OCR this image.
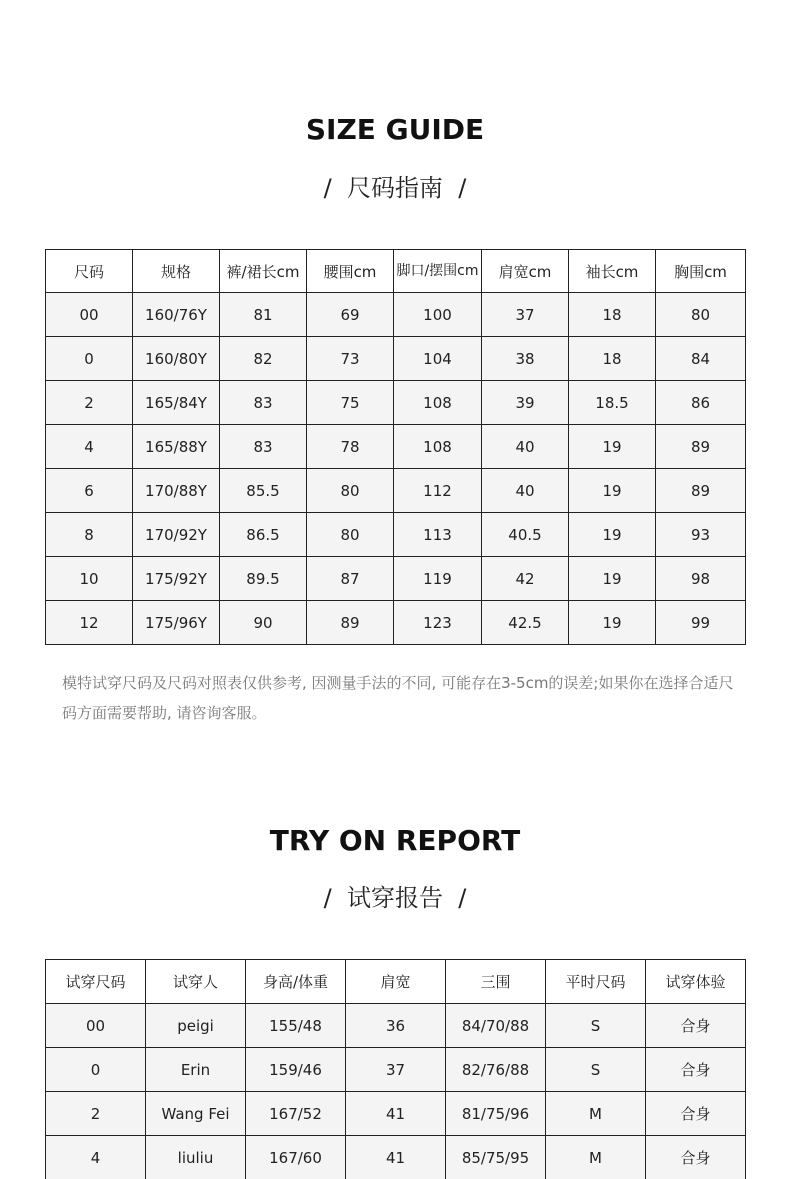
SIZE GUIDE
/  尺码指南  /
尺码	规格	裤/裙长cm	腰围cm	脚口/摆围cm	肩宽cm	袖长cm	胸围cm
00	160/76Y	81	69	100	37	18	80
0	160/80Y	82	73	104	38	18	84
2	165/84Y	83	75	108	39	18.5	86
4	165/88Y	83	78	108	40	19	89
6	170/88Y	85.5	80	112	40	19	89
8	170/92Y	86.5	80	113	40.5	19	93
10	175/92Y	89.5	87	119	42	19	98
12	175/96Y	90	89	123	42.5	19	99
模特试穿尺码及尺码对照表仅供参考, 因测量手法的不同, 可能存在3-5cm的误差;如果你在选择合适尺码方面需要帮助, 请咨询客服。
TRY ON REPORT
/  试穿报告  /
试穿尺码	试穿人	身高/体重	肩宽	三围	平时尺码	试穿体验
00	peigi	155/48	36	84/70/88	S	合身
0	Erin	159/46	37	82/76/88	S	合身
2	Wang Fei	167/52	41	81/75/96	M	合身
4	liuliu	167/60	41	85/75/95	M	合身
